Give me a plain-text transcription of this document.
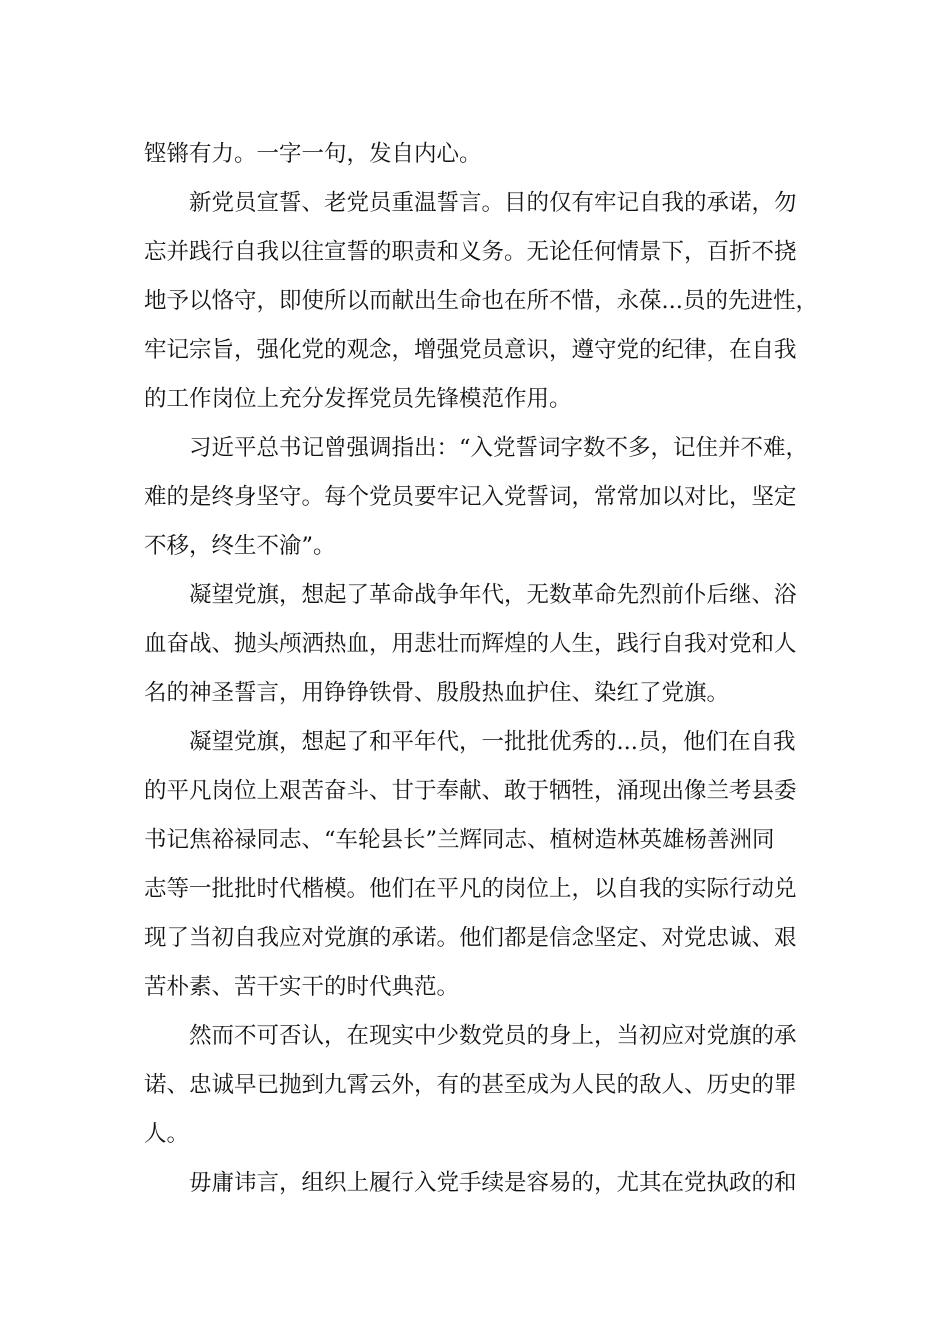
铿锵有力。一字一句，发自内心。
新党员宣誓、老党员重温誓言。目的仅有牢记自我的承诺，勿
忘并践行自我以往宣誓的职责和义务。无论任何情景下，百折不挠
地予以恪守，即使所以而献出生命也在所不惜，永葆...员的先进性，
牢记宗旨，强化党的观念，增强党员意识，遵守党的纪律，在自我
的工作岗位上充分发挥党员先锋模范作用。
习近平总书记曾强调指出：“入党誓词字数不多，记住并不难，
难的是终身坚守。每个党员要牢记入党誓词，常常加以对比，坚定
不移，终生不渝”。
凝望党旗，想起了革命战争年代，无数革命先烈前仆后继、浴
血奋战、抛头颅洒热血，用悲壮而辉煌的人生，践行自我对党和人
名的神圣誓言，用铮铮铁骨、殷殷热血护住、染红了党旗。
凝望党旗，想起了和平年代，一批批优秀的...员，他们在自我
的平凡岗位上艰苦奋斗、甘于奉献、敢于牺牲，涌现出像兰考县委
书记焦裕禄同志、“车轮县长”兰辉同志、植树造林英雄杨善洲同
志等一批批时代楷模。他们在平凡的岗位上，以自我的实际行动兑
现了当初自我应对党旗的承诺。他们都是信念坚定、对党忠诚、艰
苦朴素、苦干实干的时代典范。
然而不可否认，在现实中少数党员的身上，当初应对党旗的承
诺、忠诚早已抛到九霄云外，有的甚至成为人民的敌人、历史的罪
人。
毋庸讳言，组织上履行入党手续是容易的，尤其在党执政的和
